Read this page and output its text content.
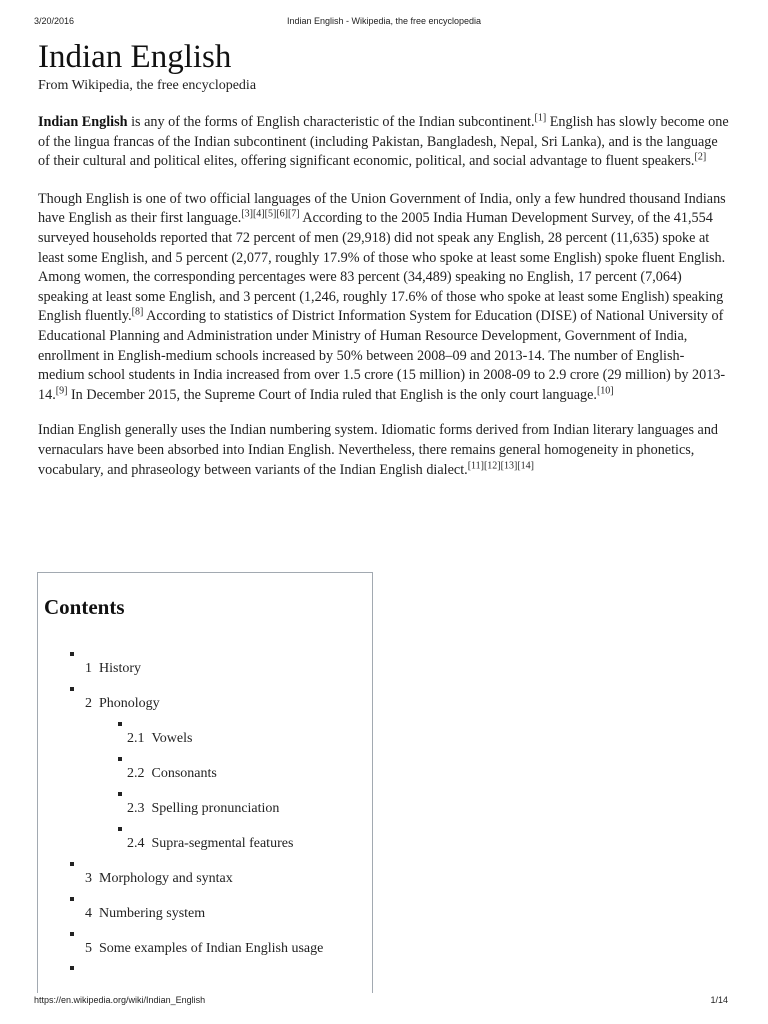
3/20/2016	Indian English - Wikipedia, the free encyclopedia
Indian English
From Wikipedia, the free encyclopedia

Indian English is any of the forms of English characteristic of the Indian subcontinent.[1] English has slowly become one of the lingua francas of the Indian subcontinent (including Pakistan, Bangladesh, Nepal, Sri Lanka), and is the language of their cultural and political elites, offering significant economic, political, and social advantage to fluent speakers.[2]

Though English is one of two official languages of the Union Government of India, only a few hundred thousand Indians have English as their first language.[3][4][5][6][7] According to the 2005 India Human Development Survey, of the 41,554 surveyed households reported that 72 percent of men (29,918) did not speak any English, 28 percent (11,635) spoke at least some English, and 5 percent (2,077, roughly 17.9% of those who spoke at least some English) spoke fluent English. Among women, the corresponding percentages were 83 percent (34,489) speaking no English, 17 percent (7,064) speaking at least some English, and 3 percent (1,246, roughly 17.6% of those who spoke at least some English) speaking English fluently.[8] According to statistics of District Information System for Education (DISE) of National University of Educational Planning and Administration under Ministry of Human Resource Development, Government of India, enrollment in English-medium schools increased by 50% between 2008–09 and 2013-14. The number of English-medium school students in India increased from over 1.5 crore (15 million) in 2008-09 to 2.9 crore (29 million) by 2013-14.[9] In December 2015, the Supreme Court of India ruled that English is the only court language.[10]

Indian English generally uses the Indian numbering system. Idiomatic forms derived from Indian literary languages and vernaculars have been absorbed into Indian English. Nevertheless, there remains general homogeneity in phonetics, vocabulary, and phraseology between variants of the Indian English dialect.[11][12][13][14]

Contents
1 History
2 Phonology
2.1 Vowels
2.2 Consonants
2.3 Spelling pronunciation
2.4 Supra-segmental features
3 Morphology and syntax
4 Numbering system
5 Some examples of Indian English usage
https://en.wikipedia.org/wiki/Indian_English	1/14
